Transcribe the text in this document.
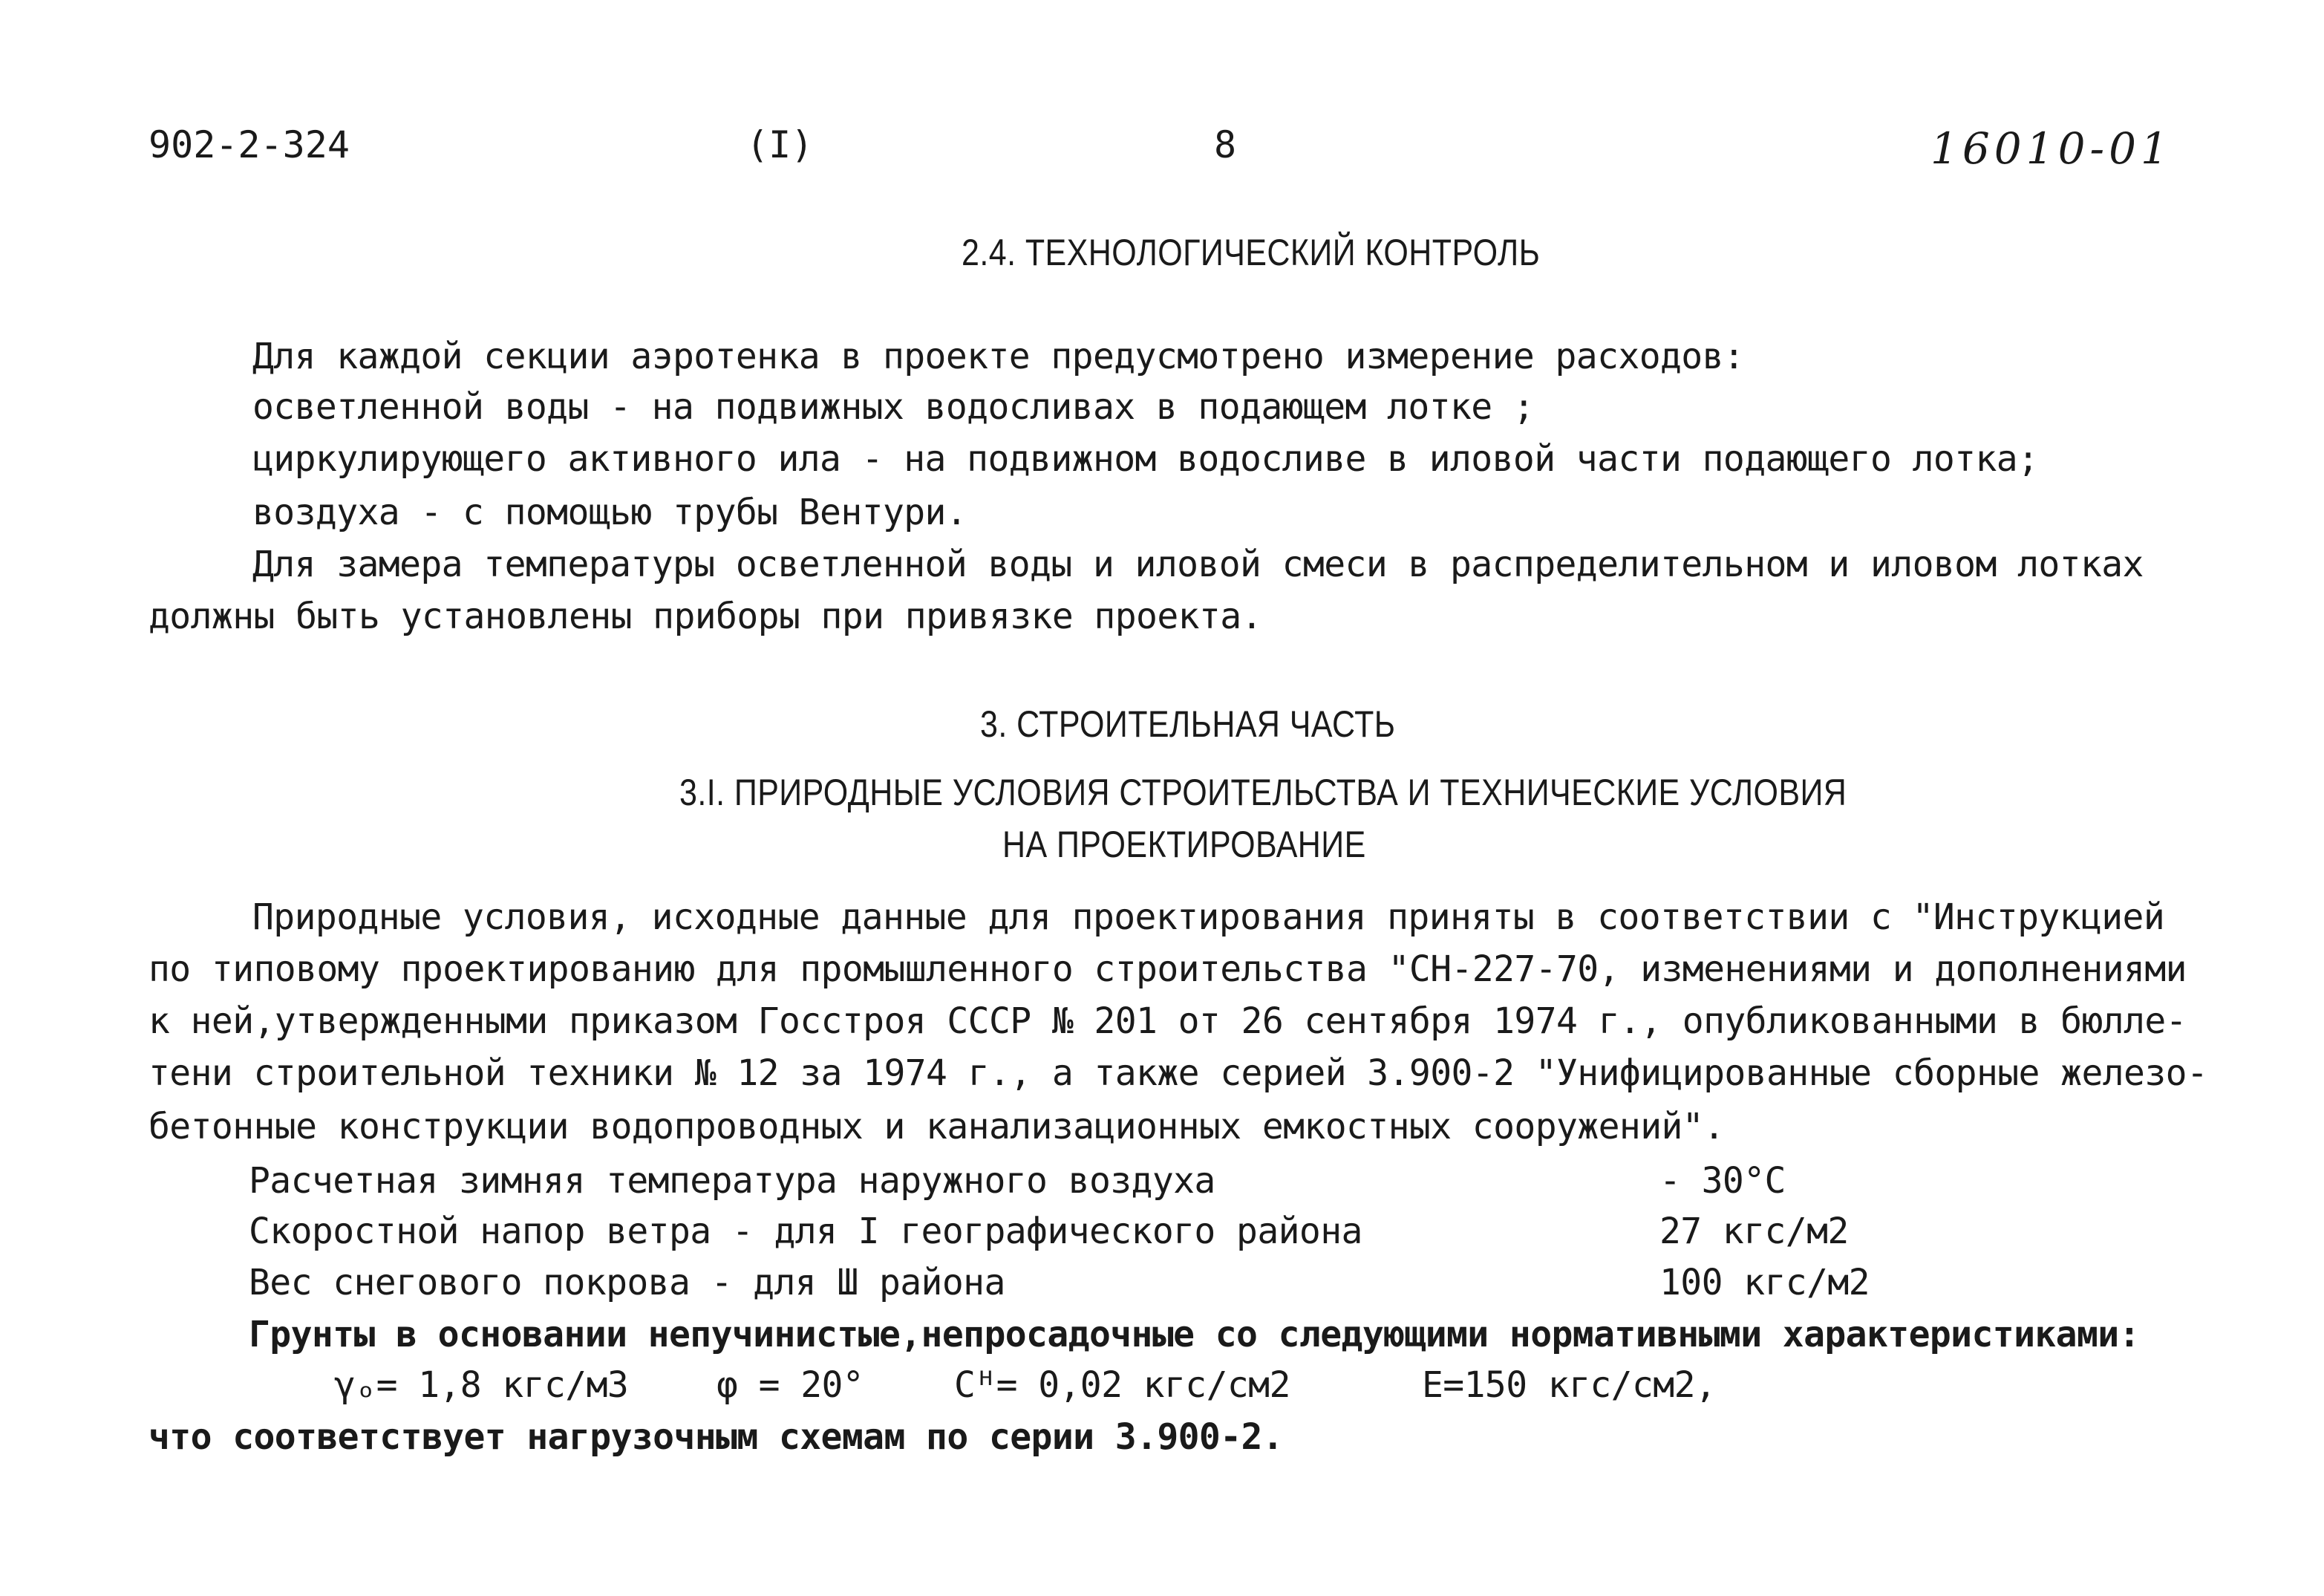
902-2-324	(I)	8	16010-01
2.4. ТЕХНОЛОГИЧЕСКИЙ КОНТРОЛЬ
Для каждой секции аэротенка в проекте предусмотрено измерение расходов:
осветленной воды - на подвижных водосливах в подающем лотке ;
циркулирующего активного ила - на подвижном водосливе в иловой части подающего лотка;
воздуха - с помощью трубы Вентури.
Для замера температуры осветленной воды и иловой смеси в распределительном и иловом лотках
должны быть установлены приборы при привязке проекта.
3. СТРОИТЕЛЬНАЯ ЧАСТЬ
3.I. ПРИРОДНЫЕ УСЛОВИЯ СТРОИТЕЛЬСТВА И ТЕХНИЧЕСКИЕ УСЛОВИЯ
НА ПРОЕКТИРОВАНИЕ
Природные условия, исходные данные для проектирования приняты в соответствии с "Инструкцией
по типовому проектированию для промышленного строительства "СН-227-70, изменениями и дополнениями
к ней,утвержденными приказом Госстроя СССР № 201 от 26 сентября 1974 г., опубликованными в бюлле-
тени строительной техники № 12 за 1974 г., а также серией 3.900-2 "Унифицированные сборные железо-
бетонные конструкции водопроводных и канализационных емкостных сооружений".
Расчетная зимняя температура наружного воздуха	- 30°С
Скоростной напор ветра - для I географического района	27 кгс/м2
Вес снегового покрова - для Ш района	100 кгс/м2
Грунты в основании непучинистые,непросадочные со следующими нормативными характеристиками:
γₒ= 1,8 кгс/м3 φ = 20°	Cᴴ= 0,02 кгс/см2	E=150 кгс/см2,
что соответствует нагрузочным схемам по серии 3.900-2.
